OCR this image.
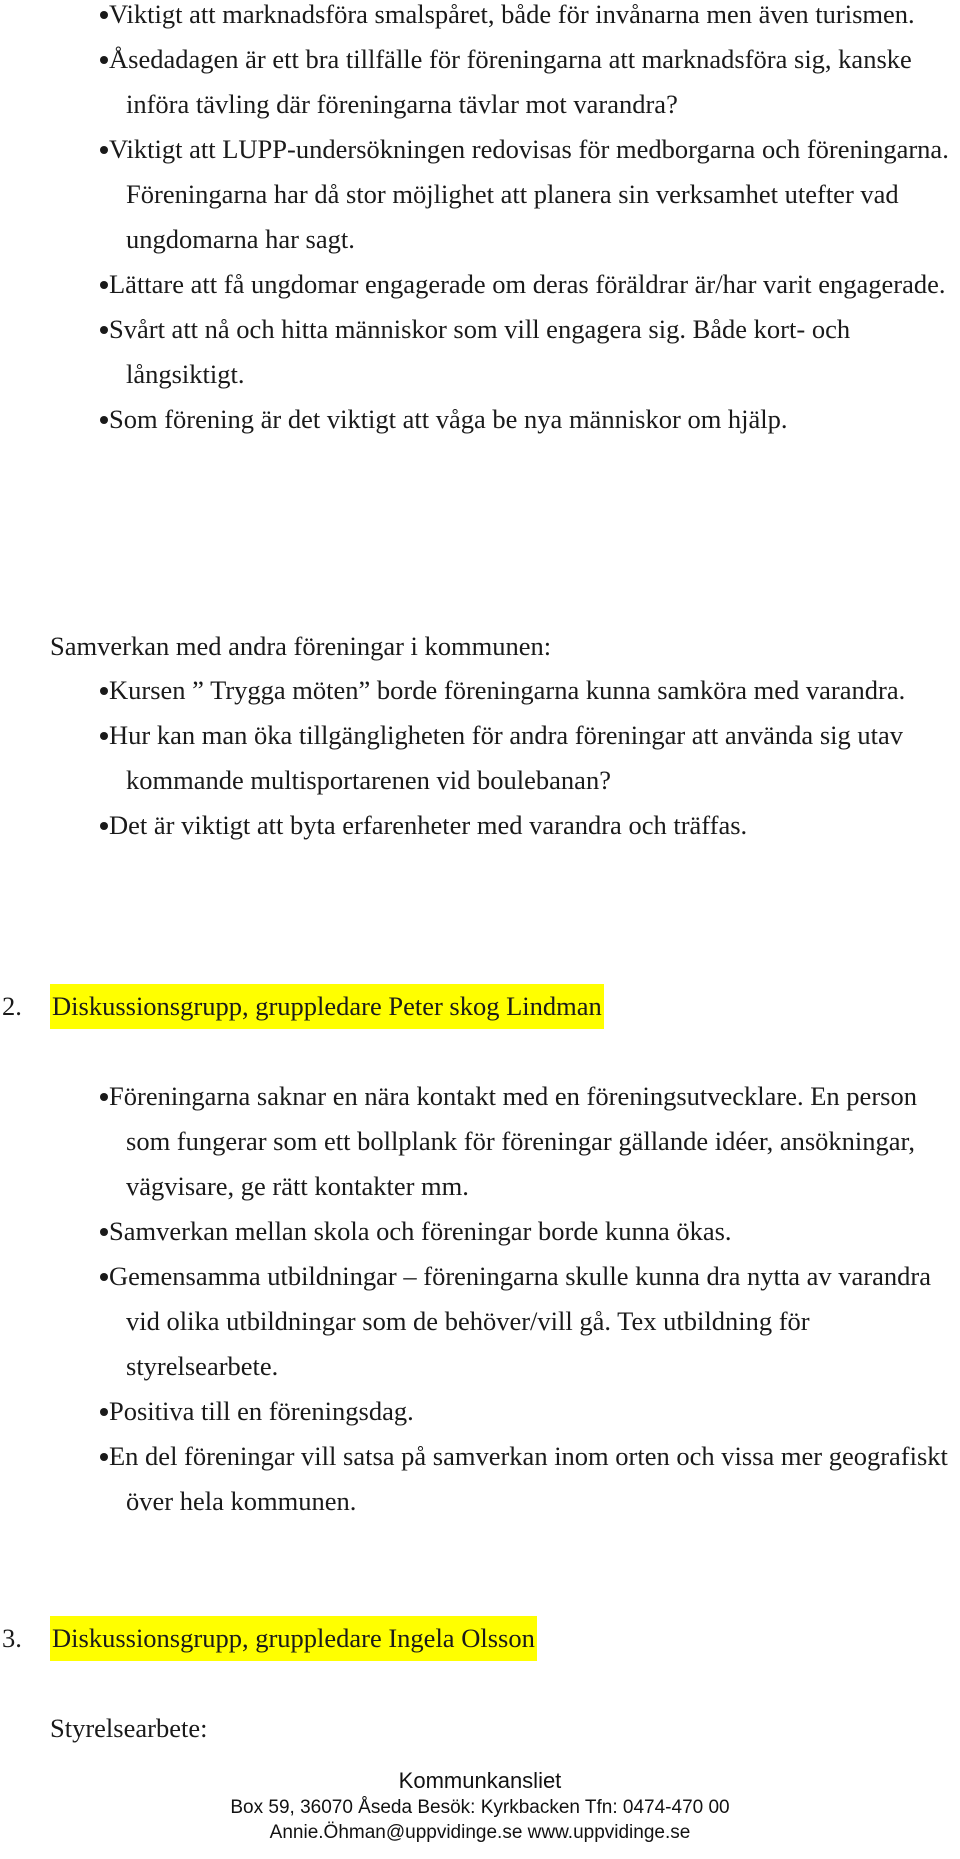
Viktigt att marknadsföra smalspåret, både för invånarna men även turismen.
Åsedadagen är ett bra tillfälle för föreningarna att marknadsföra sig, kanske införa tävling där föreningarna tävlar mot varandra?
Viktigt att LUPP-undersökningen redovisas för medborgarna och föreningarna. Föreningarna har då stor möjlighet att planera sin verksamhet utefter vad ungdomarna har sagt.
Lättare att få ungdomar engagerade om deras föräldrar är/har varit engagerade.
Svårt att nå och hitta människor som vill engagera sig. Både kort- och långsiktigt.
Som förening är det viktigt att våga be nya människor om hjälp.
Samverkan med andra föreningar i kommunen:
Kursen ” Trygga möten” borde föreningarna kunna samköra med varandra.
Hur kan man öka tillgängligheten för andra föreningar att använda sig utav kommande multisportarenen vid boulebanan?
Det är viktigt att byta erfarenheter med varandra och träffas.
2. Diskussionsgrupp, gruppledare Peter skog Lindman
Föreningarna saknar en nära kontakt med en föreningsutvecklare. En person som fungerar som ett bollplank för föreningar gällande idéer, ansökningar, vägvisare, ge rätt kontakter mm.
Samverkan mellan skola och föreningar borde kunna ökas.
Gemensamma utbildningar – föreningarna skulle kunna dra nytta av varandra vid olika utbildningar som de behöver/vill gå. Tex utbildning för styrelsearbete.
Positiva till en föreningsdag.
En del föreningar vill satsa på samverkan inom orten och vissa mer geografiskt över hela kommunen.
3. Diskussionsgrupp, gruppledare Ingela Olsson
Styrelsearbete:
Kommunkansliet
Box 59, 36070 Åseda Besök: Kyrkbacken Tfn: 0474-470 00
Annie.Öhman@uppvidinge.se www.uppvidinge.se
